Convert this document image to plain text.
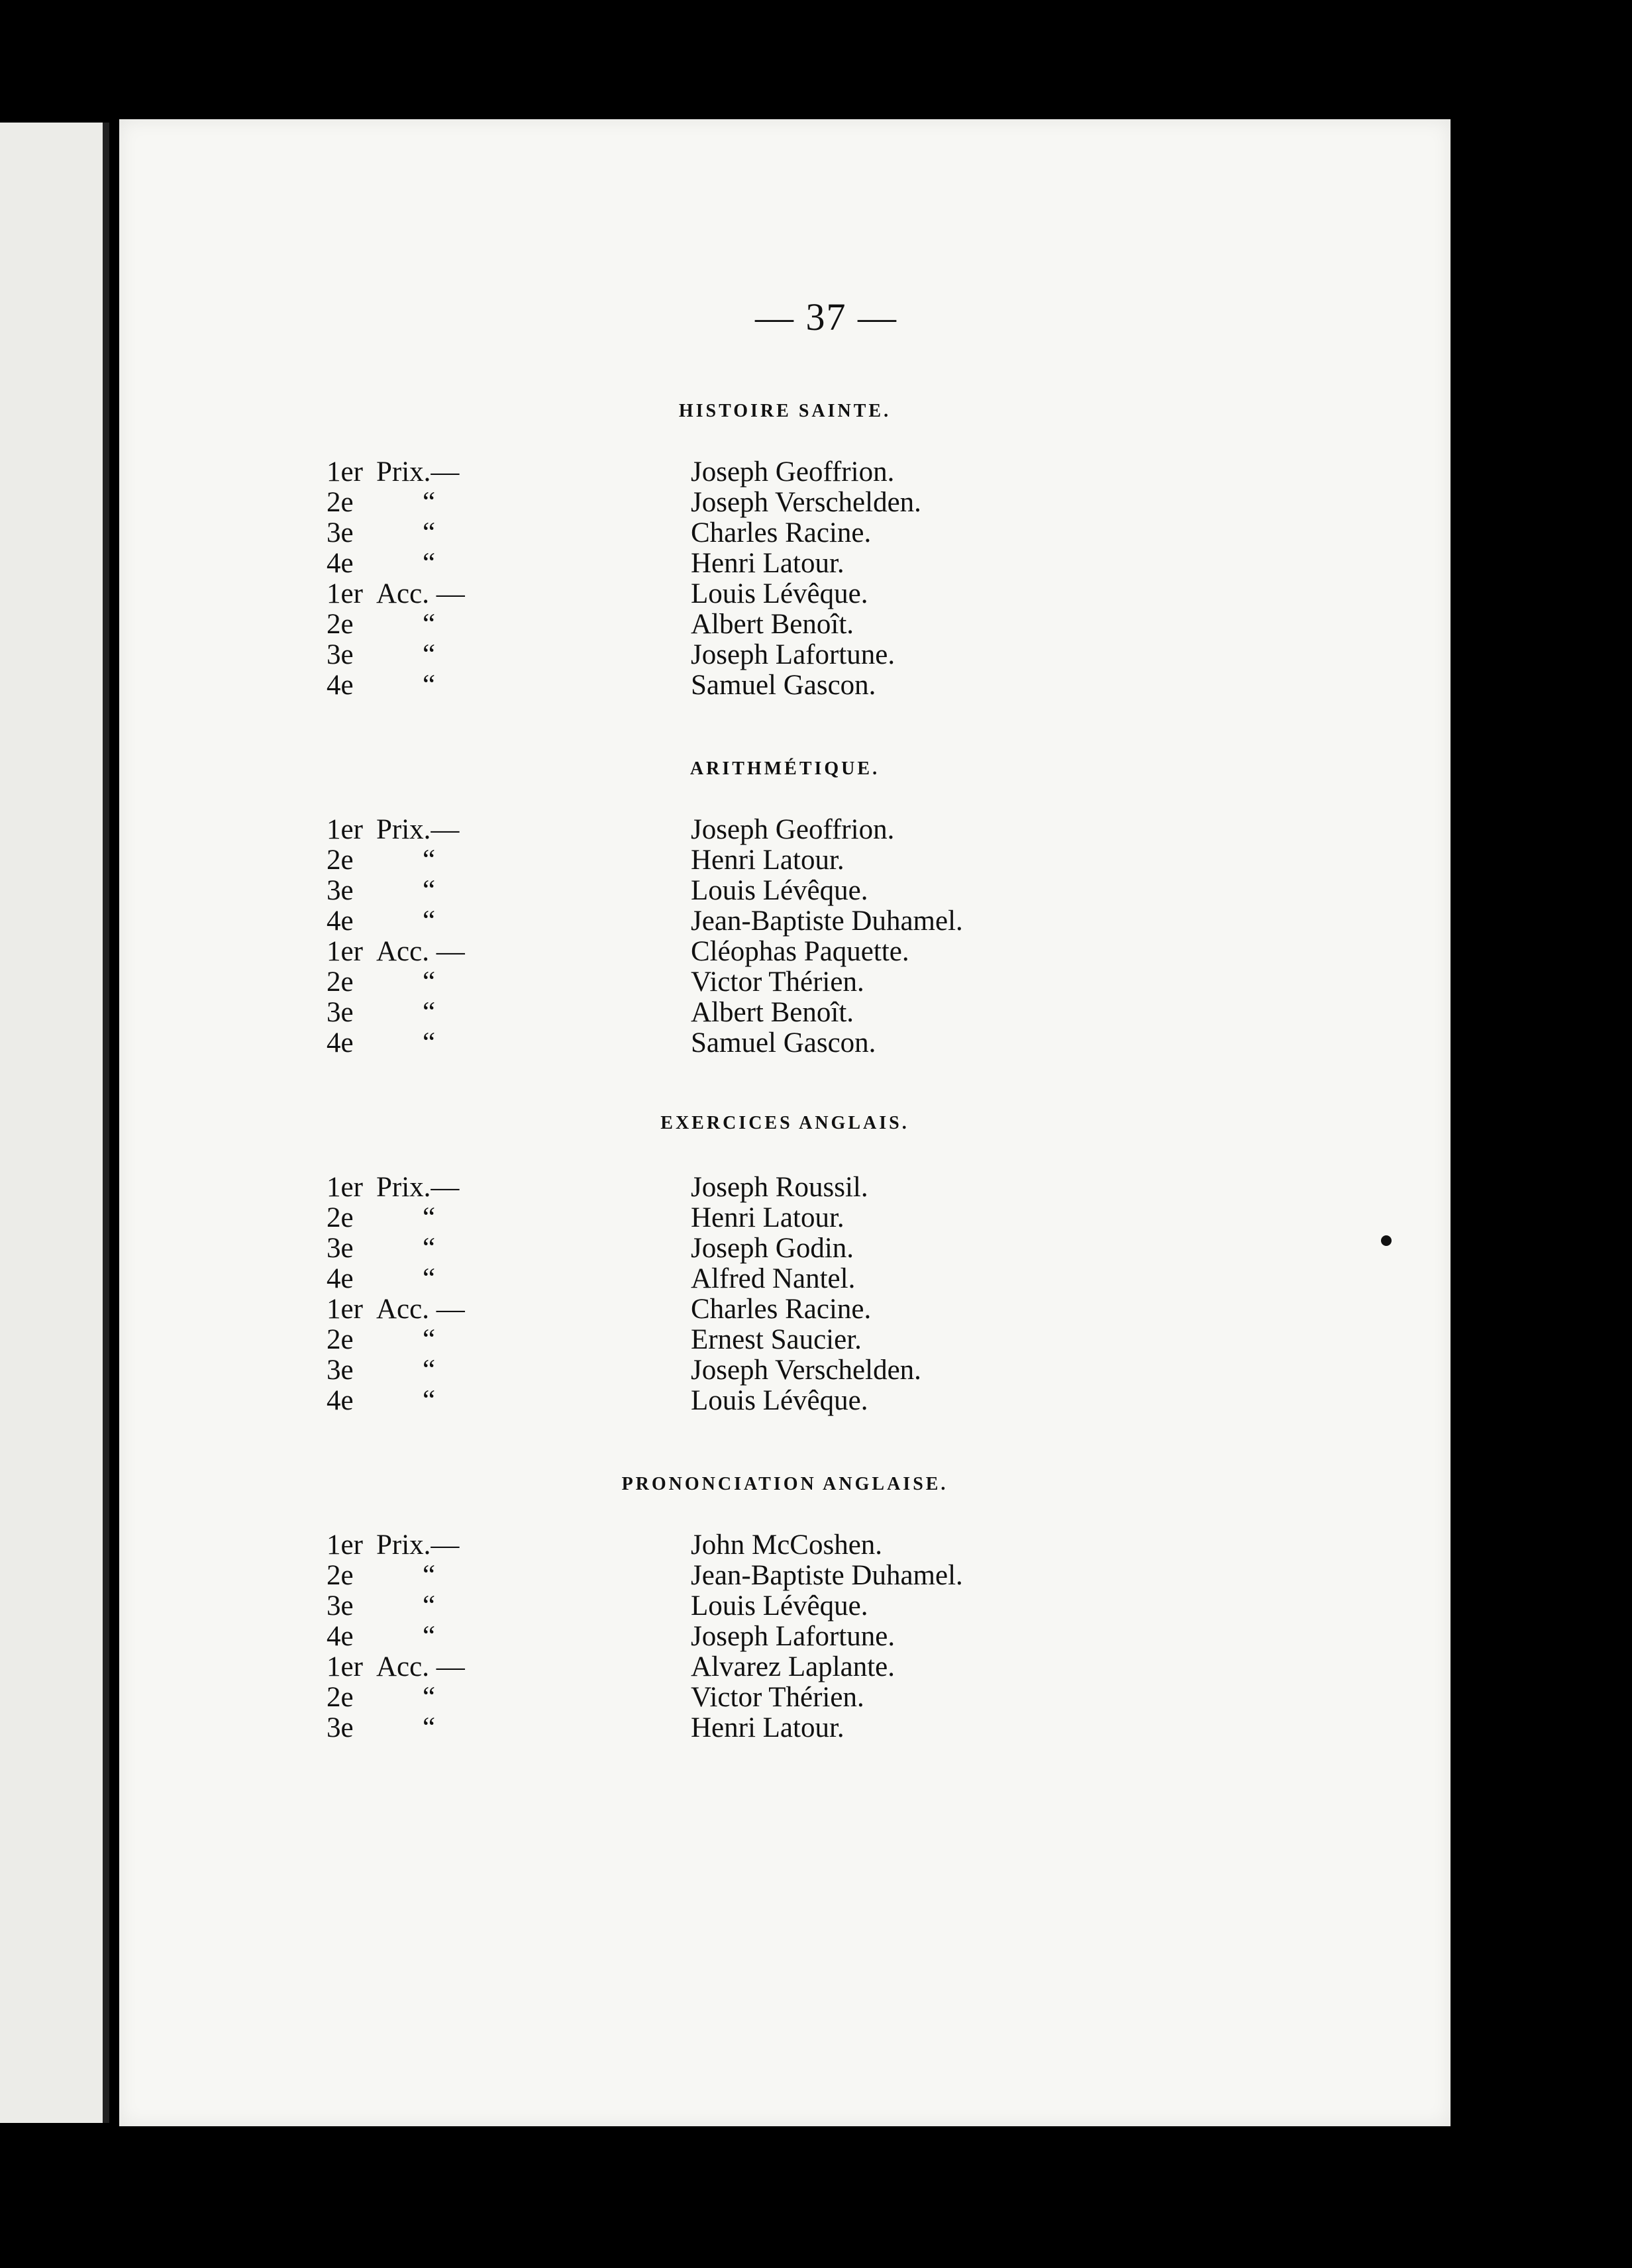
— 37 —
HISTOIRE SAINTE.
1er Prix.—	Joseph Geoffrion.
2e “	Joseph Verschelden.
3e “	Charles Racine.
4e “	Henri Latour.
1er Acc. —	Louis Lévêque.
2e “	Albert Benoît.
3e “	Joseph Lafortune.
4e “	Samuel Gascon.
ARITHMÉTIQUE.
1er Prix.—	Joseph Geoffrion.
2e “	Henri Latour.
3e “	Louis Lévêque.
4e “	Jean-Baptiste Duhamel.
1er Acc. —	Cléophas Paquette.
2e “	Victor Thérien.
3e “	Albert Benoît.
4e “	Samuel Gascon.
EXERCICES ANGLAIS.
1er Prix.—	Joseph Roussil.
2e “	Henri Latour.
3e “	Joseph Godin.
4e “	Alfred Nantel.
1er Acc. —	Charles Racine.
2e “	Ernest Saucier.
3e “	Joseph Verschelden.
4e “	Louis Lévêque.
PRONONCIATION ANGLAISE.
1er Prix.—	John McCoshen.
2e “	Jean-Baptiste Duhamel.
3e “	Louis Lévêque.
4e “	Joseph Lafortune.
1er Acc. —	Alvarez Laplante.
2e “	Victor Thérien.
3e “	Henri Latour.
